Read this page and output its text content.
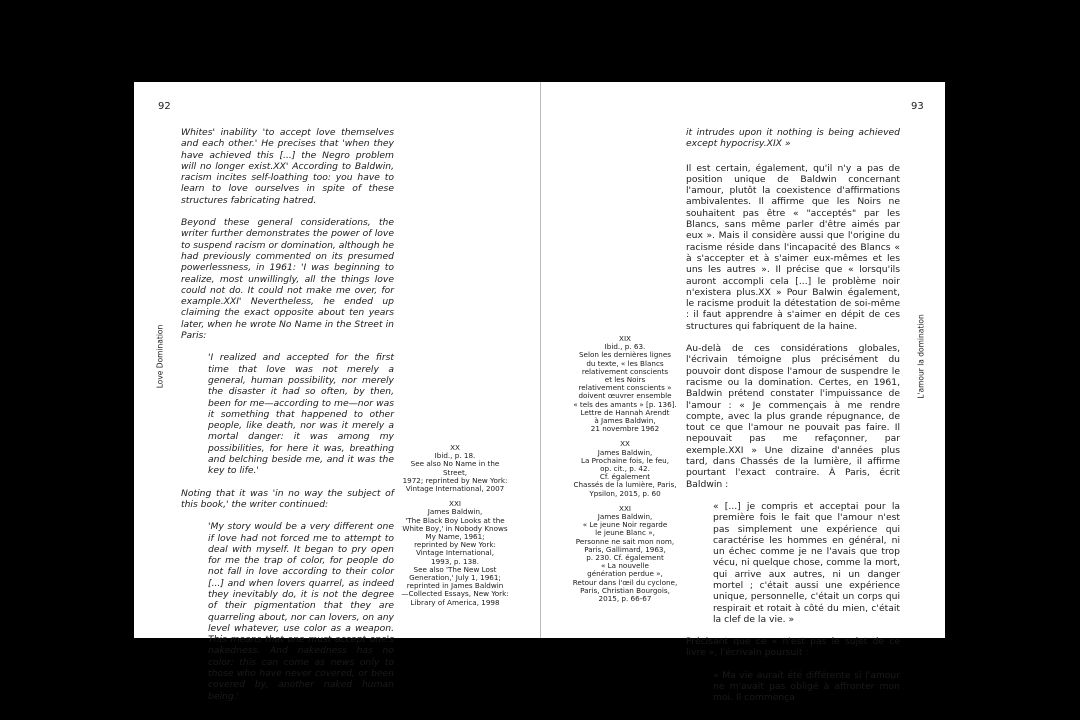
92
Love Domination

Whites' inability 'to accept love themselves and each other.' He precises that 'when they have achieved this [...] the Negro problem will no longer exist.XX' According to Baldwin, racism incites self-loathing too: you have to learn to love ourselves in spite of these structures fabricating hatred.

Beyond these general considerations, the writer further demonstrates the power of love to suspend racism or domination, although he had previously commented on its presumed powerlessness, in 1961: 'I was beginning to realize, most unwillingly, all the things love could not do. It could not make me over, for example.XXI' Nevertheless, he ended up claiming the exact opposite about ten years later, when he wrote No Name in the Street in Paris:

'I realized and accepted for the first time that love was not merely a general, human possibility, nor merely the disaster it had so often, by then, been for me—according to me—nor was it something that happened to other people, like death, nor was it merely a mortal danger: it was among my possibilities, for here it was, breathing and belching beside me, and it was the key to life.'

Noting that it was 'in no way the subject of this book,' the writer continued:

'My story would be a very different one if love had not forced me to attempt to deal with myself. It began to pry open for me the trap of color, for people do not fall in love according to their color [...] and when lovers quarrel, as indeed they inevitably do, it is not the degree of their pigmentation that they are quarreling about, nor can lovers, on any level whatever, use color as a weapon. This means that one must accept one's nakedness. And nakedness has no color: this can come as news only to those who have never covered, or been covered by, another naked human being.'
XX
Ibid., p. 18.
See also No Name in the Street,
1972; reprinted by New York:
Vintage International, 2007
XXI
James Baldwin,
'The Black Boy Looks at the
White Boy,' in Nobody Knows
My Name, 1961;
reprinted by New York:
Vintage International,
1993, p. 138.
See also 'The New Lost
Generation,' July 1, 1961;
reprinted in James Baldwin
—Collected Essays, New York:
Library of America, 1998
93
L'amour la domination
XIX
Ibid., p. 63.
Selon les dernières lignes
du texte, « les Blancs
relativement conscients
et les Noirs
relativement conscients »
doivent œuvrer ensemble
« tels des amants » [p. 136].
Lettre de Hannah Arendt
à James Baldwin,
21 novembre 1962
XX
James Baldwin,
La Prochaine fois, le feu,
op. cit., p. 42.
Cf. également
Chassés de la lumière, Paris,
Ypsilon, 2015, p. 60
XXI
James Baldwin,
« Le jeune Noir regarde
le jeune Blanc »,
Personne ne sait mon nom,
Paris, Gallimard, 1963,
p. 230. Cf. également
« La nouvelle
génération perdue »,
Retour dans l'œil du cyclone,
Paris, Christian Bourgois,
2015, p. 66-67

it intrudes upon it nothing is being achieved except hypocrisy.XIX »

Il est certain, également, qu'il n'y a pas de position unique de Baldwin concernant l'amour, plutôt la coexistence d'affirmations ambivalentes. Il affirme que les Noirs ne souhaitent pas être « "acceptés" par les Blancs, sans même parler d'être aimés par eux ». Mais il considère aussi que l'origine du racisme réside dans l'incapacité des Blancs « à s'accepter et à s'aimer eux-mêmes et les uns les autres ». Il précise que « lorsqu'ils auront accompli cela [...] le problème noir n'existera plus.XX » Pour Balwin également, le racisme produit la détestation de soi-même : il faut apprendre à s'aimer en dépit de ces structures qui fabriquent de la haine.

Au-delà de ces considérations globales, l'écrivain témoigne plus précisément du pouvoir dont dispose l'amour de suspendre le racisme ou la domination. Certes, en 1961, Baldwin prétend constater l'impuissance de l'amour : « Je commençais à me rendre compte, avec la plus grande répugnance, de tout ce que l'amour ne pouvait pas faire. Il nepouvait pas me refaçonner, par exemple.XXI » Une dizaine d'années plus tard, dans Chassés de la lumière, il affirme pourtant l'exact contraire. À Paris, écrit Baldwin :

« [...] je compris et acceptai pour la première fois le fait que l'amour n'est pas simplement une expérience qui caractérise les hommes en général, ni un échec comme je ne l'avais que trop vécu, ni quelque chose, comme la mort, qui arrive aux autres, ni un danger mortel ; c'était aussi une expérience unique, personnelle, c'était un corps qui respirait et rotait à côté du mien, c'était la clef de la vie. »

Précisant que ce « n'est pas le sujet de ce livre », l'écrivain poursuit :

« Ma vie aurait été différente si l'amour ne m'avait pas obligé à affronter mon moi. Il commença
